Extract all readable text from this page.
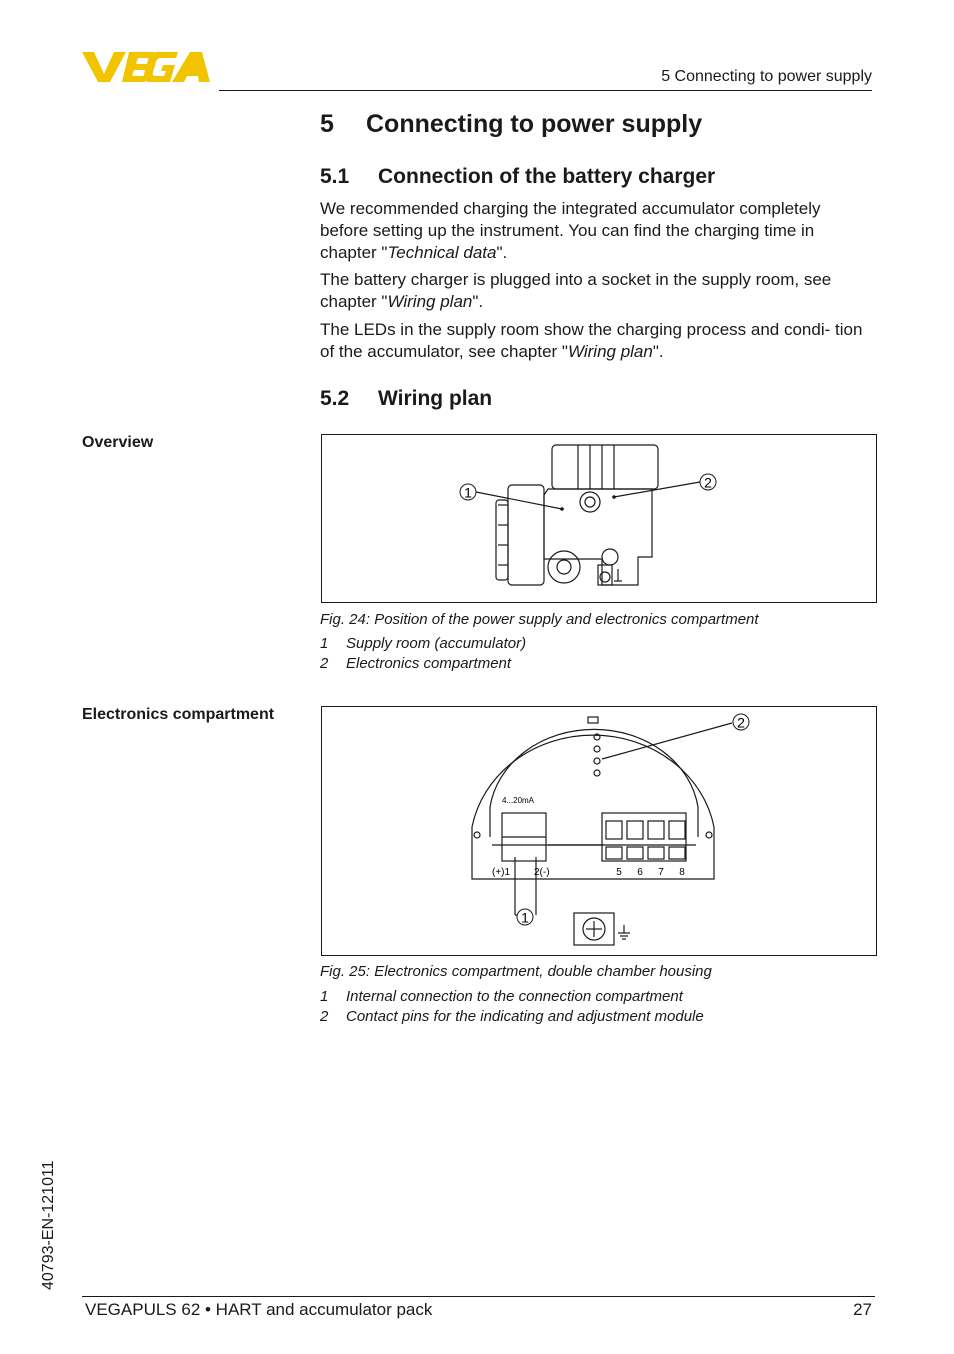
5 Connecting to power supply
5 Connecting to power supply
5.1 Connection of the battery charger

We recommended charging the integrated accumulator completely before setting up the instrument. You can find the charging time in chapter "Technical data".

The battery charger is plugged into a socket in the supply room, see chapter "Wiring plan".

The LEDs in the supply room show the charging process and condi- tion of the accumulator, see chapter "Wiring plan".

5.2 Wiring plan
Overview
1
2
Fig. 24: Position of the power supply and electronics compartment
1 Supply room (accumulator)
2 Electronics compartment
Electronics compartment
4...20mA
(+)1 2(-)	5 6 7 8
1
2
Fig. 25: Electronics compartment, double chamber housing
1 Internal connection to the connection compartment
2 Contact pins for the indicating and adjustment module
40793-EN-121011
VEGAPULS 62 • HART and accumulator pack	27
